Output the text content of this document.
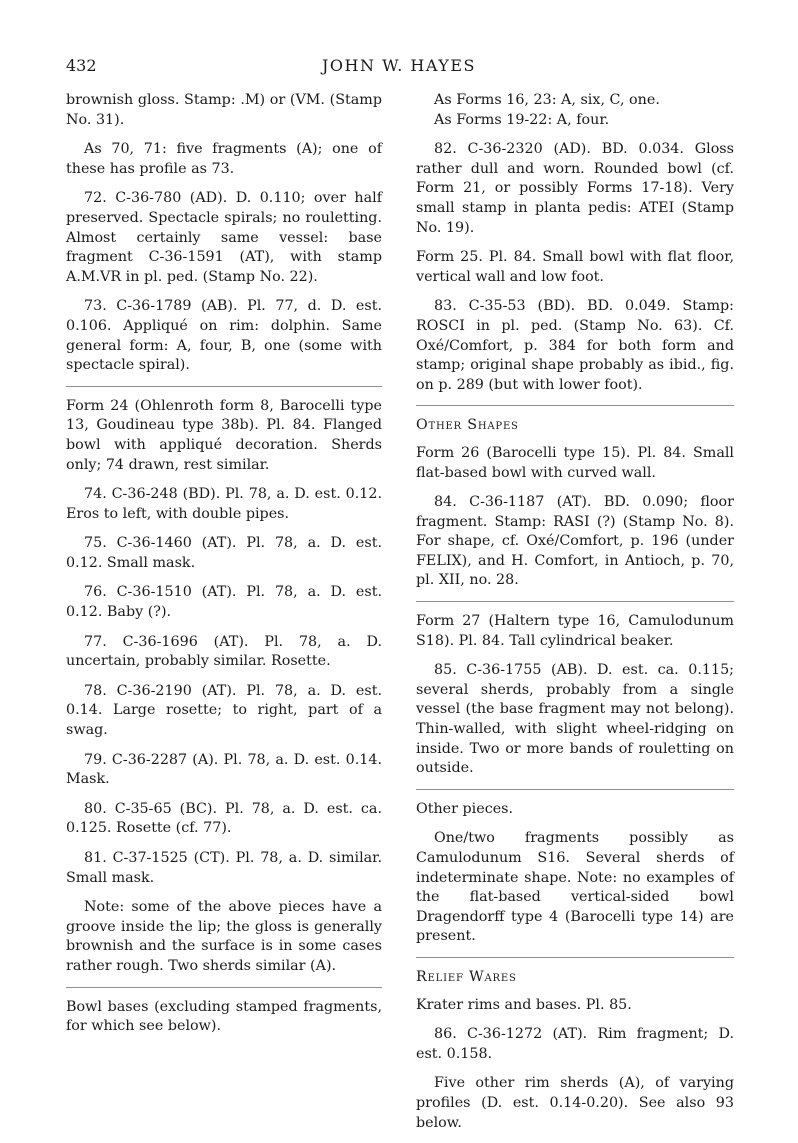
432	JOHN W. HAYES

brownish gloss. Stamp: .M) or (VM. (Stamp No. 31).

As 70, 71: five fragments (A); one of these has profile as 73.

72. C-36-780 (AD). D. 0.110; over half preserved. Spectacle spirals; no rouletting. Almost certainly same vessel: base fragment C-36-1591 (AT), with stamp A.M.VR in pl. ped. (Stamp No. 22).

73. C-36-1789 (AB). Pl. 77, d. D. est. 0.106. Appliqué on rim: dolphin. Same general form: A, four, B, one (some with spectacle spiral).

Form 24 (Ohlenroth form 8, Barocelli type 13, Goudineau type 38b). Pl. 84. Flanged bowl with appliqué decoration. Sherds only; 74 drawn, rest similar.

74. C-36-248 (BD). Pl. 78, a. D. est. 0.12. Eros to left, with double pipes.

75. C-36-1460 (AT). Pl. 78, a. D. est. 0.12. Small mask.

76. C-36-1510 (AT). Pl. 78, a. D. est. 0.12. Baby (?).

77. C-36-1696 (AT). Pl. 78, a. D. uncertain, probably similar. Rosette.

78. C-36-2190 (AT). Pl. 78, a. D. est. 0.14. Large rosette; to right, part of a swag.

79. C-36-2287 (A). Pl. 78, a. D. est. 0.14. Mask.

80. C-35-65 (BC). Pl. 78, a. D. est. ca. 0.125. Rosette (cf. 77).

81. C-37-1525 (CT). Pl. 78, a. D. similar. Small mask.

Note: some of the above pieces have a groove inside the lip; the gloss is generally brownish and the surface is in some cases rather rough. Two sherds similar (A).

Bowl bases (excluding stamped fragments, for which see below).

As Forms 16, 23: A, six, C, one.

As Forms 19-22: A, four.

82. C-36-2320 (AD). BD. 0.034. Gloss rather dull and worn. Rounded bowl (cf. Form 21, or possibly Forms 17-18). Very small stamp in planta pedis: ATEI (Stamp No. 19).

Form 25. Pl. 84. Small bowl with flat floor, vertical wall and low foot.

83. C-35-53 (BD). BD. 0.049. Stamp: ROSCI in pl. ped. (Stamp No. 63). Cf. Oxé/Comfort, p. 384 for both form and stamp; original shape probably as ibid., fig. on p. 289 (but with lower foot).

Other Shapes

Form 26 (Barocelli type 15). Pl. 84. Small flat-based bowl with curved wall.

84. C-36-1187 (AT). BD. 0.090; floor fragment. Stamp: RASI (?) (Stamp No. 8). For shape, cf. Oxé/Comfort, p. 196 (under FELIX), and H. Comfort, in Antioch, p. 70, pl. XII, no. 28.

Form 27 (Haltern type 16, Camulodunum S18). Pl. 84. Tall cylindrical beaker.

85. C-36-1755 (AB). D. est. ca. 0.115; several sherds, probably from a single vessel (the base fragment may not belong). Thin-walled, with slight wheel-ridging on inside. Two or more bands of rouletting on outside.

Other pieces.

One/two fragments possibly as Camulodunum S16. Several sherds of indeterminate shape. Note: no examples of the flat-based vertical-sided bowl Dragendorff type 4 (Barocelli type 14) are present.

Relief Wares

Krater rims and bases. Pl. 85.

86. C-36-1272 (AT). Rim fragment; D. est. 0.158.

Five other rim sherds (A), of varying profiles (D. est. 0.14-0.20). See also 93 below.
